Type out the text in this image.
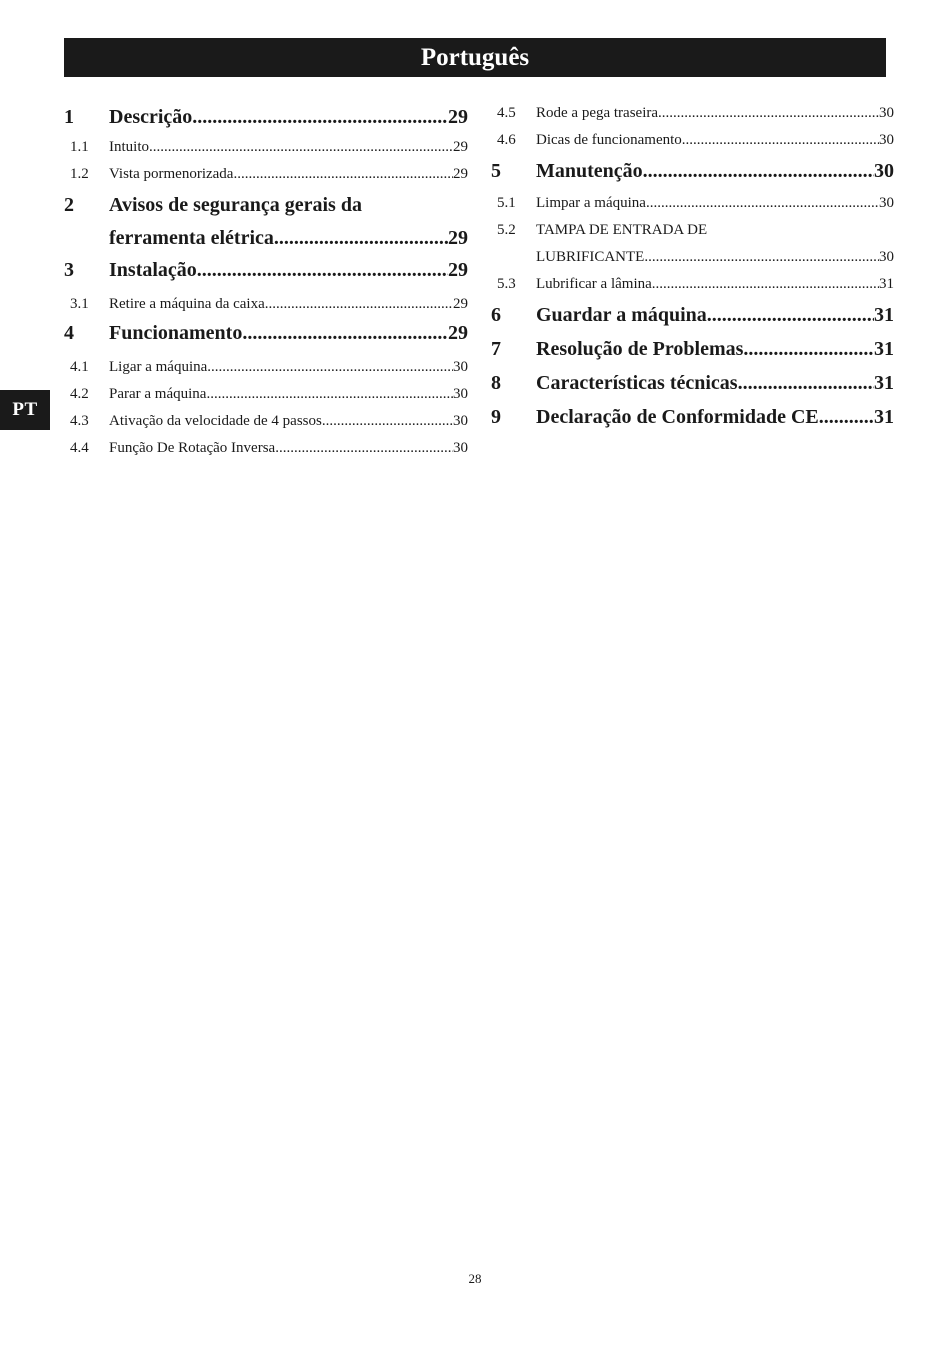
Português
PT
1	Descrição .....	29
1.1	Intuito .....	29
1.2	Vista pormenorizada .....	29
2	Avisos de segurança gerais da
ferramenta elétrica .....	29
3	Instalação .....	29
3.1	Retire a máquina da caixa .....	29
4	Funcionamento .....	29
4.1	Ligar a máquina .....	30
4.2	Parar a máquina .....	30
4.3	Ativação da velocidade de 4 passos .....	30
4.4	Função De Rotação Inversa .....	30
4.5	Rode a pega traseira .....	30
4.6	Dicas de funcionamento .....	30
5	Manutenção .....	30
5.1	Limpar a máquina .....	30
5.2	TAMPA DE ENTRADA DE
LUBRIFICANTE .....	30
5.3	Lubrificar a lâmina .....	31
6	Guardar a máquina .....	31
7	Resolução de Problemas .....	31
8	Características técnicas .....	31
9	Declaração de Conformidade CE. .....	31
28
